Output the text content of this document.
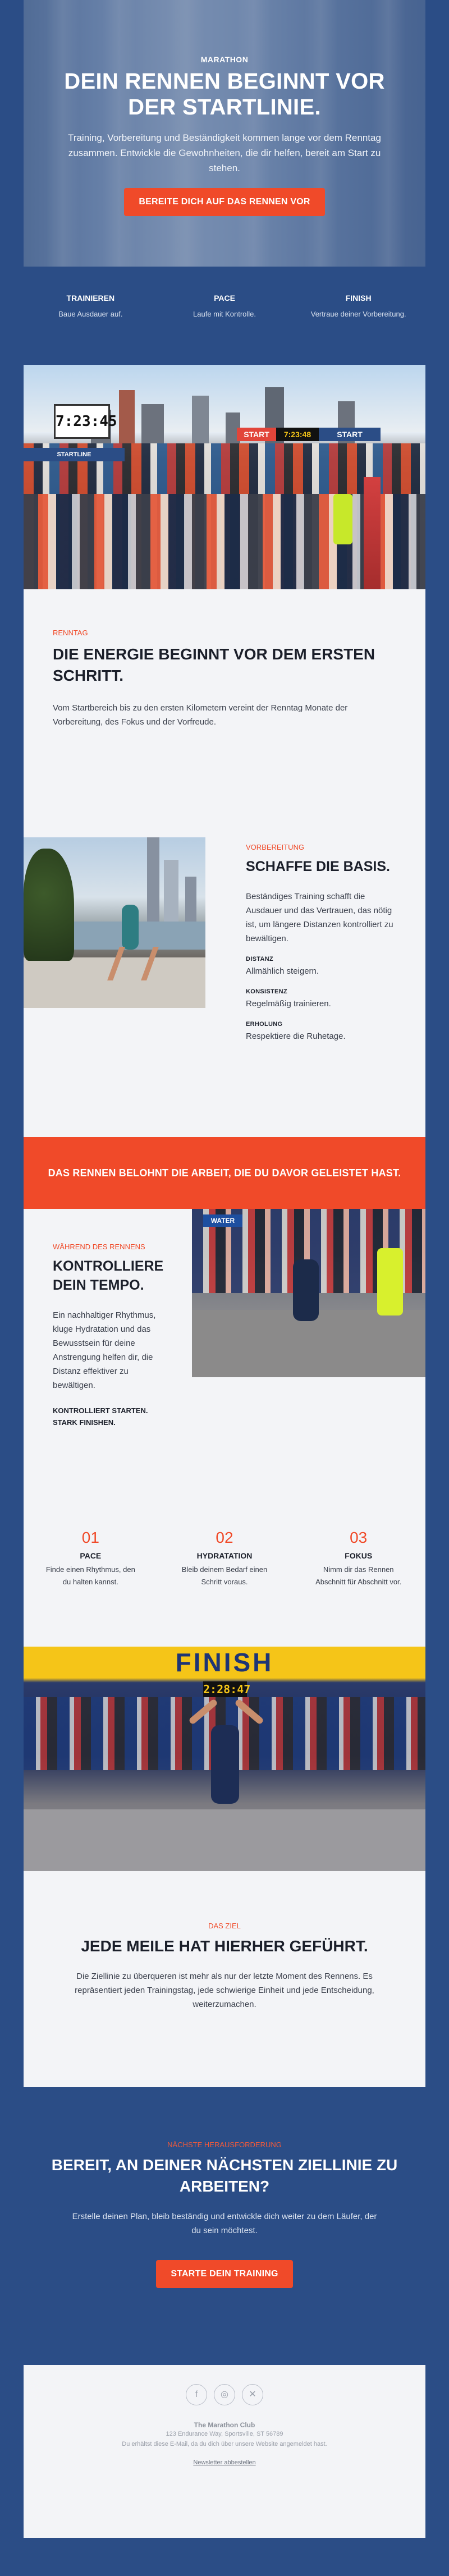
MARATHON
DEIN RENNEN BEGINNT VOR DER STARTLINIE.

Training, Vorbereitung und Beständigkeit kommen lange vor dem Renntag zusammen. Entwickle die Gewohnheiten, die dir helfen, bereit am Start zu stehen.

BEREITE DICH AUF DAS RENNEN VOR
TRAINIEREN
Baue Ausdauer auf.
PACE
Laufe mit Kontrolle.
FINISH
Vertraue deiner Vorbereitung.
7:23:45
STARTLINE
START	7:23:48	START
RENNTAG
DIE ENERGIE BEGINNT VOR DEM ERSTEN SCHRITT.
Vom Startbereich bis zu den ersten Kilometern vereint der Renntag Monate der Vorbereitung, des Fokus und der Vorfreude.
VORBEREITUNG
SCHAFFE DIE BASIS.
Beständiges Training schafft die Ausdauer und das Vertrauen, das nötig ist, um längere Distanzen kontrolliert zu bewältigen.
DISTANZ
Allmählich steigern.
KONSISTENZ
Regelmäßig trainieren.
ERHOLUNG
Respektiere die Ruhetage.
DAS RENNEN BELOHNT DIE ARBEIT, DIE DU DAVOR GELEISTET HAST.
WÄHREND DES RENNENS
KONTROLLIERE DEIN TEMPO.
Ein nachhaltiger Rhythmus, kluge Hydratation und das Bewusstsein für deine Anstrengung helfen dir, die Distanz effektiver zu bewältigen.
KONTROLLIERT STARTEN. STARK FINISHEN.
WATER
01
PACE
Finde einen Rhythmus, den du halten kannst.
02
HYDRATATION
Bleib deinem Bedarf einen Schritt voraus.
03
FOKUS
Nimm dir das Rennen Abschnitt für Abschnitt vor.
FINISH
2:28:47
DAS ZIEL
JEDE MEILE HAT HIERHER GEFÜHRT.
Die Ziellinie zu überqueren ist mehr als nur der letzte Moment des Rennens. Es repräsentiert jeden Trainingstag, jede schwierige Einheit und jede Entscheidung, weiterzumachen.
NÄCHSTE HERAUSFORDERUNG
BEREIT, AN DEINER NÄCHSTEN ZIELLINIE ZU ARBEITEN?

Erstelle deinen Plan, bleib beständig und entwickle dich weiter zu dem Läufer, der du sein möchtest.

STARTE DEIN TRAINING
f	◎	✕
The Marathon Club
123 Endurance Way, Sportsville, ST 56789
Du erhältst diese E-Mail, da du dich über unsere Website angemeldet hast.
Newsletter abbestellen
